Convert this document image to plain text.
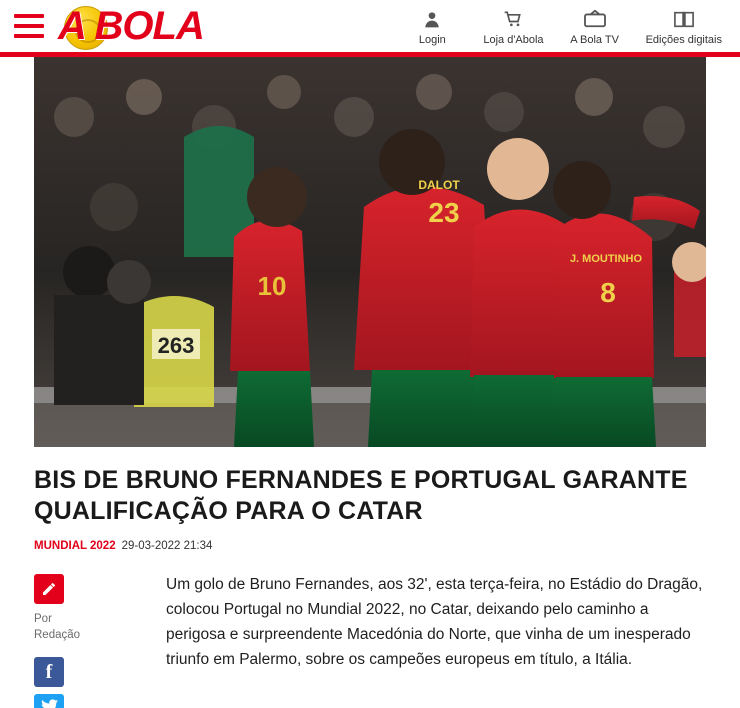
A BOLA	Login	Loja d'Abola A Bola TV Edições digitais
263
10
DALOT
23
J. MOUTINHO
8
BIS DE BRUNO FERNANDES E PORTUGAL GARANTE QUALIFICAÇÃO PARA O CATAR
MUNDIAL 2022 29-03-2022 21:34
Por
Redação
f
Um golo de Bruno Fernandes, aos 32', esta terça-feira, no Estádio do Dragão, colocou Portugal no Mundial 2022, no Catar, deixando pelo caminho a perigosa e surpreendente Macedónia do Norte, que vinha de um inesperado triunfo em Palermo, sobre os campeões europeus em título, a Itália.
